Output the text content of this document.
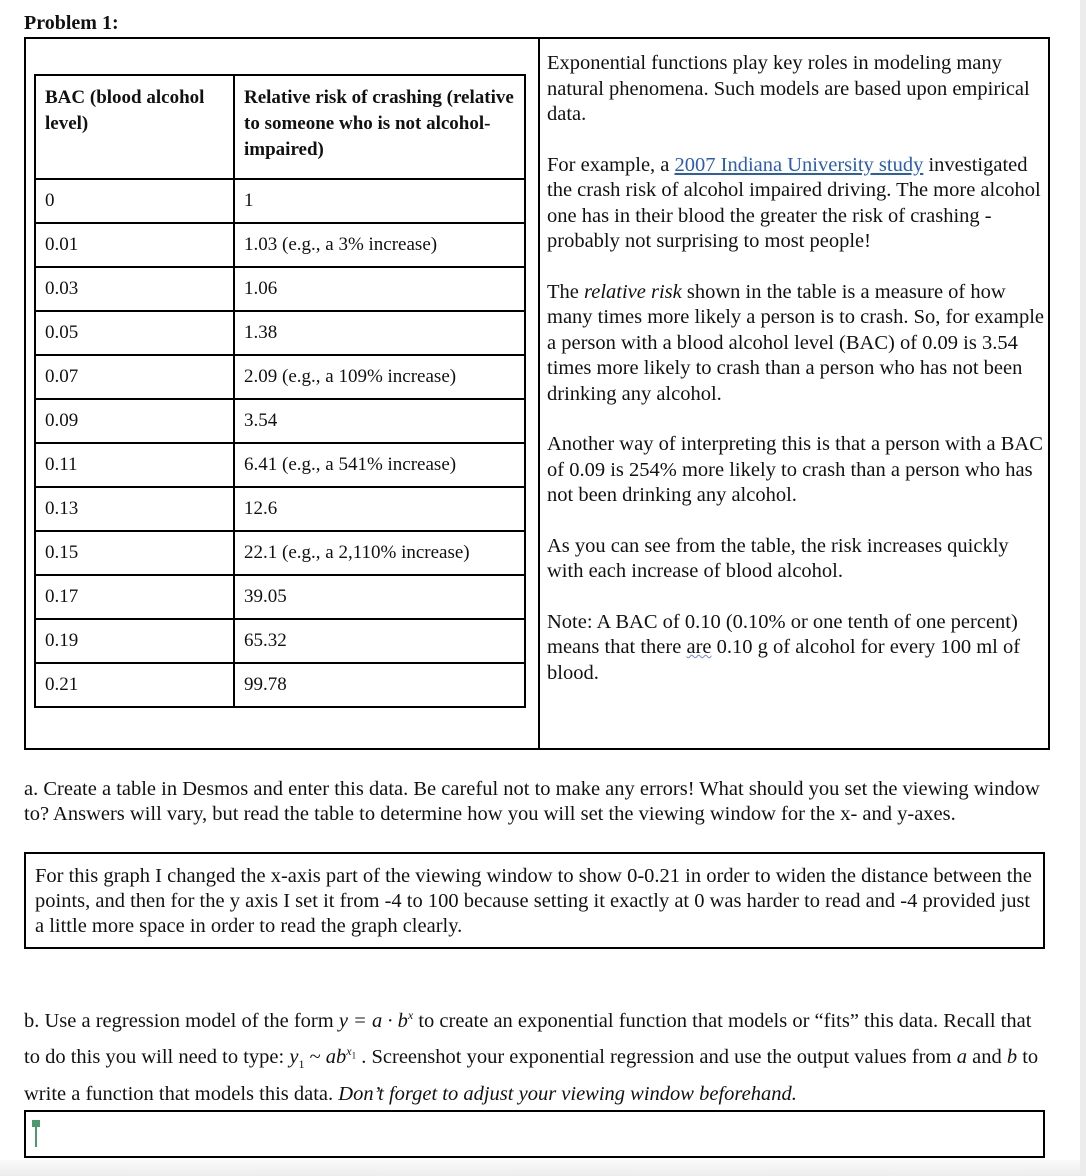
Problem 1:
BAC (blood alcohol level)	Relative risk of crashing (relative to someone who is not alcohol-impaired)
0	1
0.01	1.03 (e.g., a 3% increase)
0.03	1.06
0.05	1.38
0.07	2.09 (e.g., a 109% increase)
0.09	3.54
0.11	6.41 (e.g., a 541% increase)
0.13	12.6
0.15	22.1 (e.g., a 2,110% increase)
0.17	39.05
0.19	65.32
0.21	99.78

Exponential functions play key roles in modeling many natural phenomena. Such models are based upon empirical data.

For example, a 2007 Indiana University study investigated the crash risk of alcohol impaired driving. The more alcohol one has in their blood the greater the risk of crashing - probably not surprising to most people!

The relative risk shown in the table is a measure of how many times more likely a person is to crash. So, for example a person with a blood alcohol level (BAC) of 0.09 is 3.54 times more likely to crash than a person who has not been drinking any alcohol.

Another way of interpreting this is that a person with a BAC of 0.09 is 254% more likely to crash than a person who has not been drinking any alcohol.

As you can see from the table, the risk increases quickly with each increase of blood alcohol.

Note: A BAC of 0.10 (0.10% or one tenth of one percent) means that there are 0.10 g of alcohol for every 100 ml of blood.

a. Create a table in Desmos and enter this data. Be careful not to make any errors! What should you set the viewing window to? Answers will vary, but read the table to determine how you will set the viewing window for the x- and y-axes.
For this graph I changed the x-axis part of the viewing window to show 0-0.21 in order to widen the distance between the points, and then for the y axis I set it from -4 to 100 because setting it exactly at 0 was harder to read and -4 provided just a little more space in order to read the graph clearly.
b. Use a regression model of the form $y = a \cdot b^x$ to create an exponential function that models or “fits” this data. Recall that to do this you will need to type: $y_1$ ~ $ab^{x_1}$ . Screenshot your exponential regression and use the output values from a and b to write a function that models this data. Don’t forget to adjust your viewing window beforehand.
